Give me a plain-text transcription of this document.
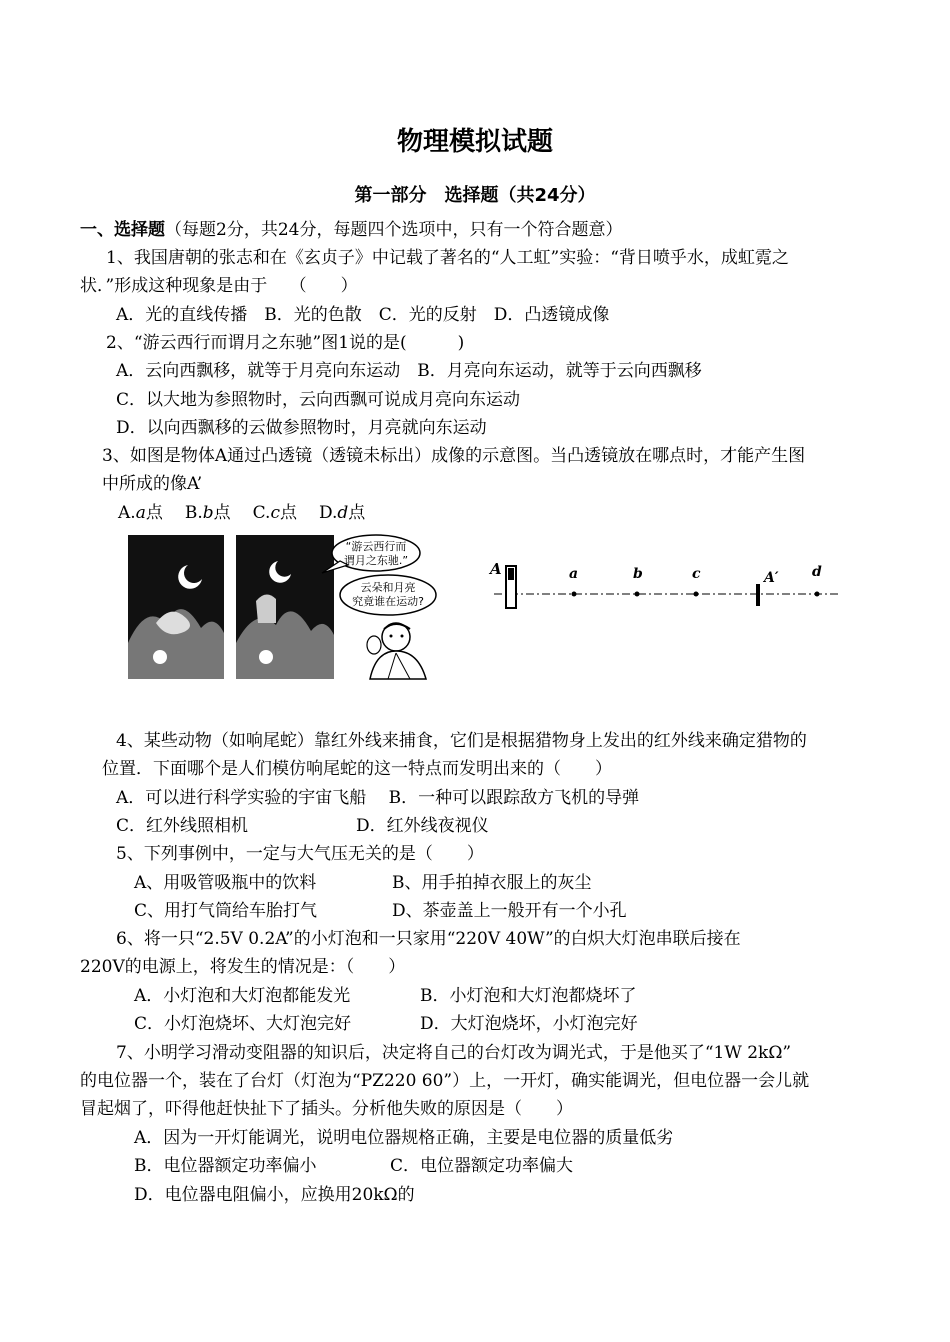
物理模拟试题
第一部分　选择题（共24分）
一、选择题（每题2分，共24分，每题四个选项中，只有一个符合题意）
1、我国唐朝的张志和在《玄贞子》中记载了著名的“人工虹”实验：“背日喷乎水，成虹霓之
状．”形成这种现象是由于　 （　　）
A．光的直线传播　B．光的色散　C．光的反射　D．凸透镜成像
2、“游云西行而谓月之东驰”图1说的是(　　　)
A．云向西飘移，就等于月亮向东运动　 B．月亮向东运动，就等于云向西飘移
C．以大地为参照物时，云向西飘可说成月亮向东运动
D．以向西飘移的云做参照物时，月亮就向东运动
3、如图是物体A通过凸透镜（透镜未标出）成像的示意图。当凸透镜放在哪点时，才能产生图
中所成的像A’
A.a点 B.b点 C.c点 D.d点
“游云西行而
谓月之东驰.”
云朵和月亮
究竟谁在运动?
A	a	b	c	A′ d
4、某些动物（如响尾蛇）靠红外线来捕食，它们是根据猎物身上发出的红外线来确定猎物的
位置．下面哪个是人们模仿响尾蛇的这一特点而发明出来的（　　）
A．可以进行科学实验的宇宙飞船　 B．一种可以跟踪敌方飞机的导弹
C．红外线照相机	D．红外线夜视仪
5、下列事例中，一定与大气压无关的是（　　）
A、用吸管吸瓶中的饮料	B、用手拍掉衣服上的灰尘
C、用打气筒给车胎打气	D、茶壶盖上一般开有一个小孔
6、将一只“2.5V 0.2A”的小灯泡和一只家用“220V 40W”的白炽大灯泡串联后接在
220V的电源上，将发生的情况是：（　　）
A．小灯泡和大灯泡都能发光	B．小灯泡和大灯泡都烧坏了
C．小灯泡烧坏、大灯泡完好	D．大灯泡烧坏，小灯泡完好
7、小明学习滑动变阻器的知识后，决定将自己的台灯改为调光式，于是他买了“1W 2kΩ”
的电位器一个，装在了台灯（灯泡为“PZ220 60”）上，一开灯，确实能调光，但电位器一会儿就
冒起烟了，吓得他赶快扯下了插头。分析他失败的原因是（　　）
A．因为一开灯能调光，说明电位器规格正确，主要是电位器的质量低劣
B．电位器额定功率偏小	C．电位器额定功率偏大
D．电位器电阻偏小，应换用20kΩ的
